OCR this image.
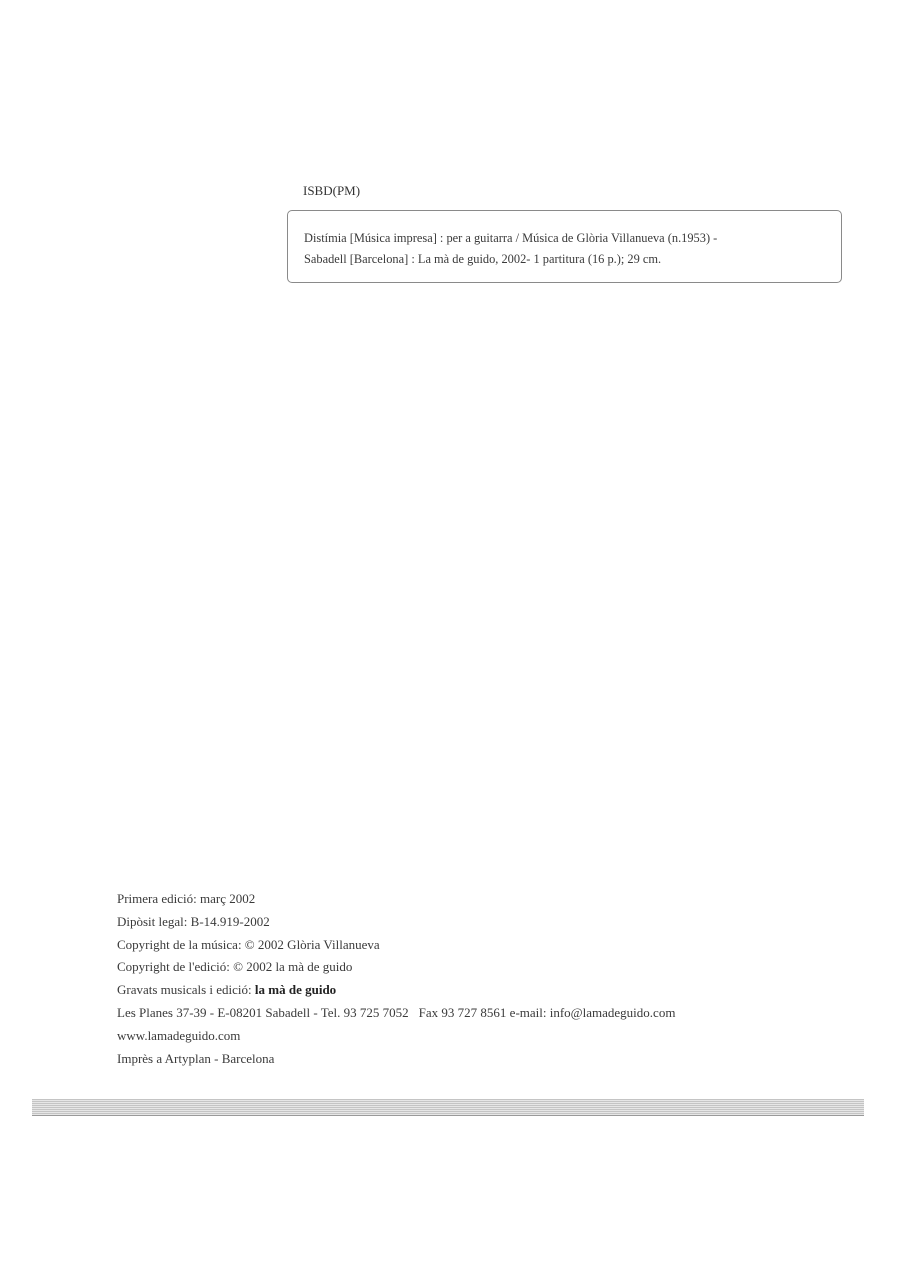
ISBD(PM)
Distímia [Música impresa] : per a guitarra / Música de Glòria Villanueva (n.1953) -
Sabadell [Barcelona] : La mà de guido, 2002- 1 partitura (16 p.); 29 cm.
Primera edició: març 2002
Dipòsit legal: B-14.919-2002
Copyright de la música: © 2002 Glòria Villanueva
Copyright de l'edició: © 2002 la mà de guido
Gravats musicals i edició: la mà de guido
Les Planes 37-39 - E-08201 Sabadell - Tel. 93 725 7052 Fax 93 727 8561 e-mail: info@lamadeguido.com
www.lamadeguido.com
Imprès a Artyplan - Barcelona
